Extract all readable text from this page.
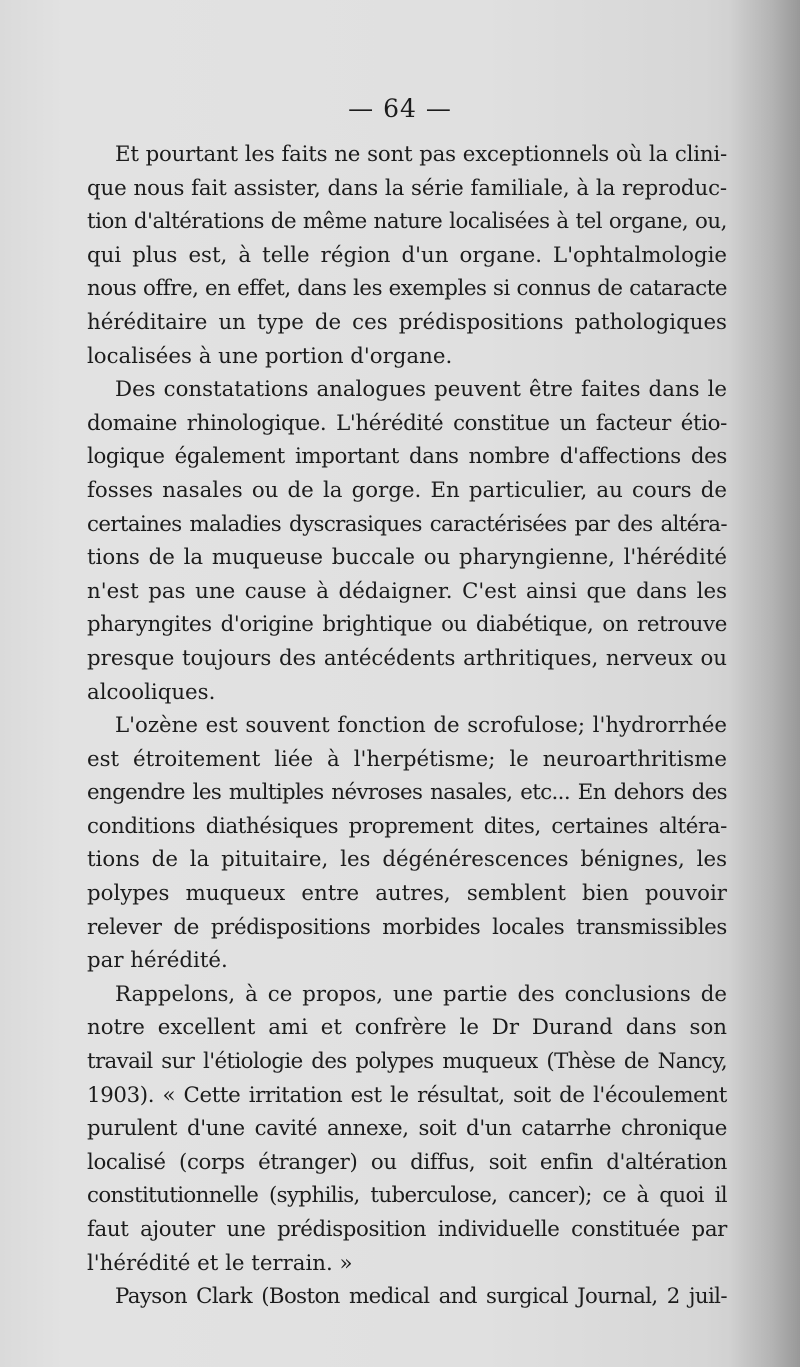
— 64 —
Et pourtant les faits ne sont pas exceptionnels où la clini-
que nous fait assister, dans la série familiale, à la reproduc-
tion d'altérations de même nature localisées à tel organe, ou,
qui plus est, à telle région d'un organe. L'ophtalmologie
nous offre, en effet, dans les exemples si connus de cataracte
héréditaire un type de ces prédispositions pathologiques
localisées à une portion d'organe.
Des constatations analogues peuvent être faites dans le
domaine rhinologique. L'hérédité constitue un facteur étio-
logique également important dans nombre d'affections des
fosses nasales ou de la gorge. En particulier, au cours de
certaines maladies dyscrasiques caractérisées par des altéra-
tions de la muqueuse buccale ou pharyngienne, l'hérédité
n'est pas une cause à dédaigner. C'est ainsi que dans les
pharyngites d'origine brightique ou diabétique, on retrouve
presque toujours des antécédents arthritiques, nerveux ou
alcooliques.
L'ozène est souvent fonction de scrofulose; l'hydrorrhée
est étroitement liée à l'herpétisme; le neuroarthritisme
engendre les multiples névroses nasales, etc... En dehors des
conditions diathésiques proprement dites, certaines altéra-
tions de la pituitaire, les dégénérescences bénignes, les
polypes muqueux entre autres, semblent bien pouvoir
relever de prédispositions morbides locales transmissibles
par hérédité.
Rappelons, à ce propos, une partie des conclusions de
notre excellent ami et confrère le Dr Durand dans son
travail sur l'étiologie des polypes muqueux (Thèse de Nancy,
1903). « Cette irritation est le résultat, soit de l'écoulement
purulent d'une cavité annexe, soit d'un catarrhe chronique
localisé (corps étranger) ou diffus, soit enfin d'altération
constitutionnelle (syphilis, tuberculose, cancer); ce à quoi il
faut ajouter une prédisposition individuelle constituée par
l'hérédité et le terrain. »
Payson Clark (Boston medical and surgical Journal, 2 juil-
